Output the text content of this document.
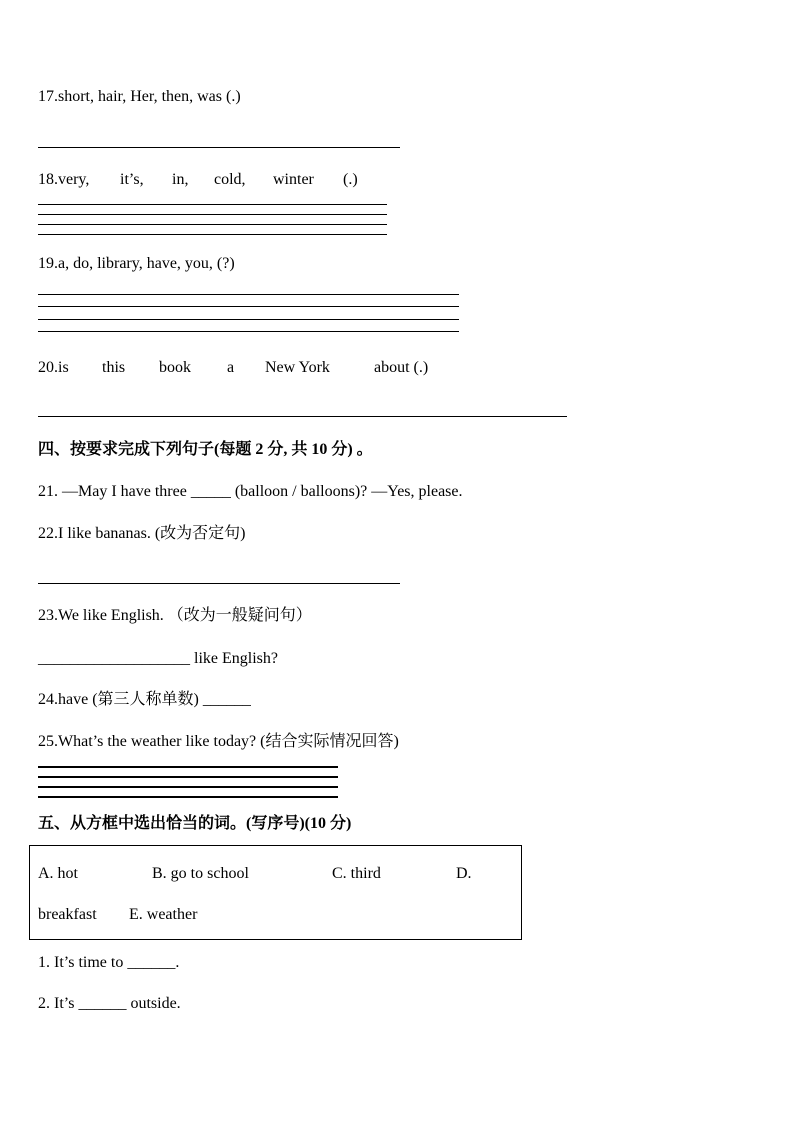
17.short, hair, Her, then, was (.)
18.very, it’s, in, cold, winter (.)
19.a, do, library, have, you, (?)
20.is this book a New York	about (.)
四、按要求完成下列句子(每题 2 分, 共 10 分) 。
21. —May I have three _____ (balloon / balloons)? —Yes, please.
22.I like bananas. (改为否定句)
23.We like English. （改为一般疑问句）
___________________ like English?
24.have (第三人称单数) ______
25.What’s the weather like today? (结合实际情况回答)
五、从方框中选出恰当的词。(写序号)(10 分)
A. hot	B. go to school	C. third	D.
breakfast E. weather
1. It’s time to ______.
2. It’s ______ outside.
